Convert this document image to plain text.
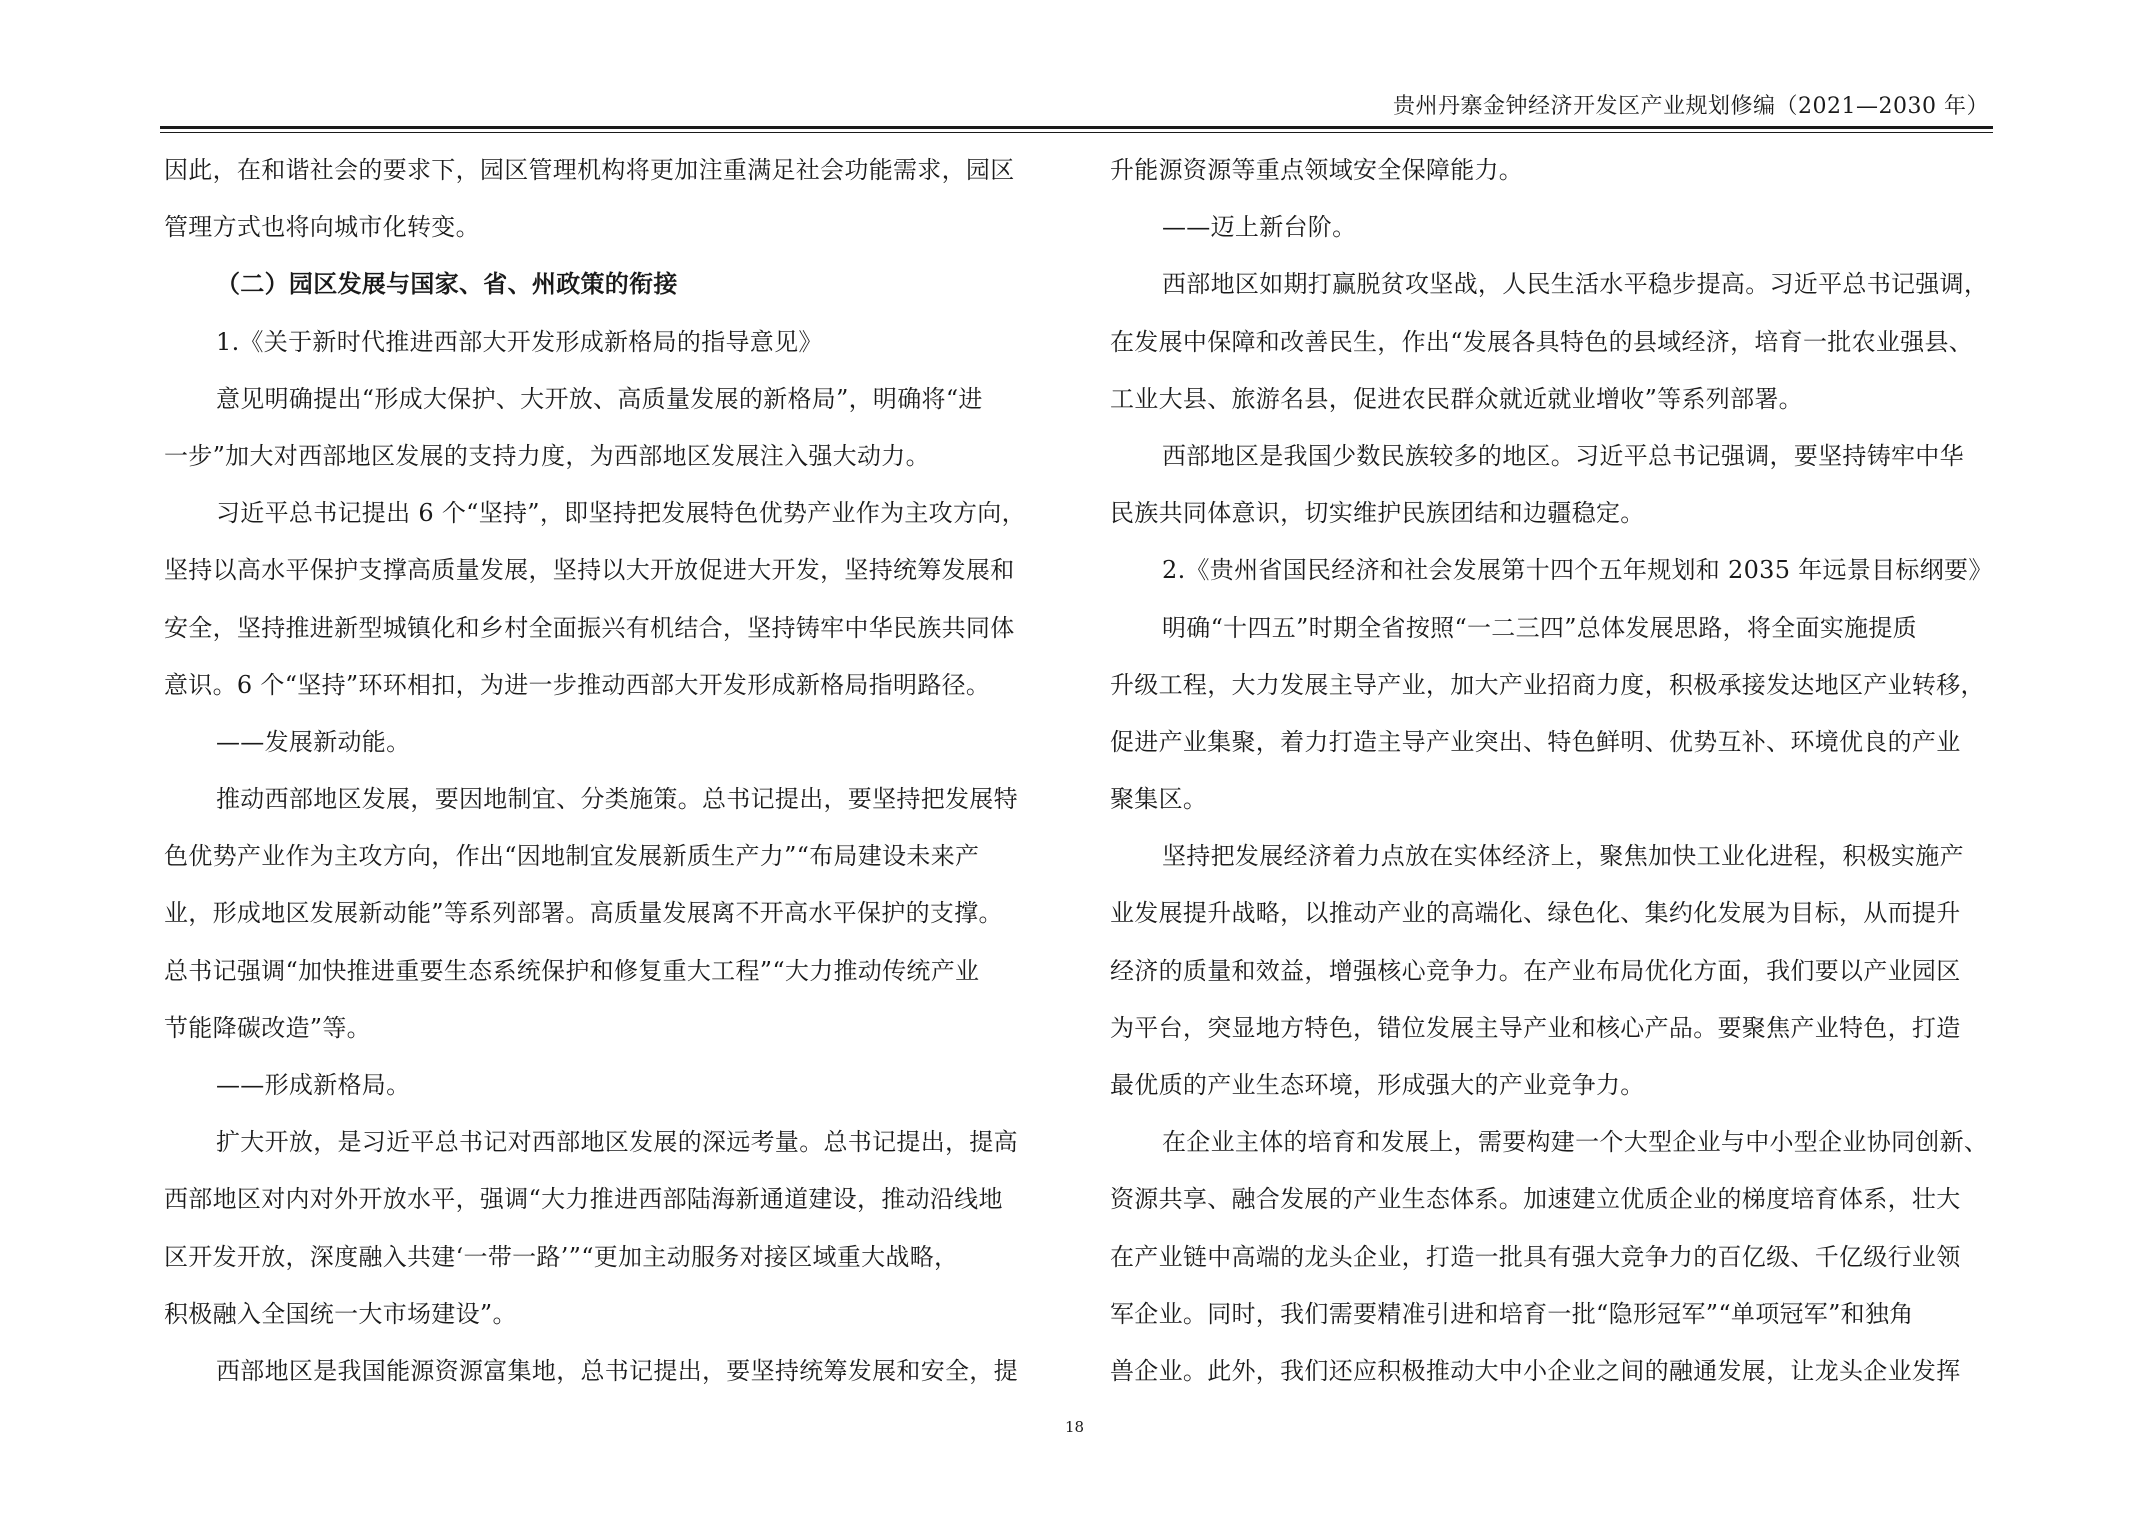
贵州丹寨金钟经济开发区产业规划修编（2021—2030 年）
因此，在和谐社会的要求下，园区管理机构将更加注重满足社会功能需求，园区
管理方式也将向城市化转变。
（二）园区发展与国家、省、州政策的衔接
1.《关于新时代推进西部大开发形成新格局的指导意见》
意见明确提出“形成大保护、大开放、高质量发展的新格局”，明确将“进
一步”加大对西部地区发展的支持力度，为西部地区发展注入强大动力。
习近平总书记提出 6 个“坚持”，即坚持把发展特色优势产业作为主攻方向，
坚持以高水平保护支撑高质量发展，坚持以大开放促进大开发，坚持统筹发展和
安全，坚持推进新型城镇化和乡村全面振兴有机结合，坚持铸牢中华民族共同体
意识。6 个“坚持”环环相扣，为进一步推动西部大开发形成新格局指明路径。
——发展新动能。
推动西部地区发展，要因地制宜、分类施策。总书记提出，要坚持把发展特
色优势产业作为主攻方向，作出“因地制宜发展新质生产力”“布局建设未来产
业，形成地区发展新动能”等系列部署。高质量发展离不开高水平保护的支撑。
总书记强调“加快推进重要生态系统保护和修复重大工程”“大力推动传统产业
节能降碳改造”等。
——形成新格局。
扩大开放，是习近平总书记对西部地区发展的深远考量。总书记提出，提高
西部地区对内对外开放水平，强调“大力推进西部陆海新通道建设，推动沿线地
区开发开放，深度融入共建‘一带一路’”“更加主动服务对接区域重大战略，
积极融入全国统一大市场建设”。
西部地区是我国能源资源富集地，总书记提出，要坚持统筹发展和安全，提
升能源资源等重点领域安全保障能力。
——迈上新台阶。
西部地区如期打赢脱贫攻坚战，人民生活水平稳步提高。习近平总书记强调，
在发展中保障和改善民生，作出“发展各具特色的县域经济，培育一批农业强县、
工业大县、旅游名县，促进农民群众就近就业增收”等系列部署。
西部地区是我国少数民族较多的地区。习近平总书记强调，要坚持铸牢中华
民族共同体意识，切实维护民族团结和边疆稳定。
2.《贵州省国民经济和社会发展第十四个五年规划和 2035 年远景目标纲要》
明确“十四五”时期全省按照“一二三四”总体发展思路，将全面实施提质
升级工程，大力发展主导产业，加大产业招商力度，积极承接发达地区产业转移，
促进产业集聚，着力打造主导产业突出、特色鲜明、优势互补、环境优良的产业
聚集区。
坚持把发展经济着力点放在实体经济上，聚焦加快工业化进程，积极实施产
业发展提升战略，以推动产业的高端化、绿色化、集约化发展为目标，从而提升
经济的质量和效益，增强核心竞争力。在产业布局优化方面，我们要以产业园区
为平台，突显地方特色，错位发展主导产业和核心产品。要聚焦产业特色，打造
最优质的产业生态环境，形成强大的产业竞争力。
在企业主体的培育和发展上，需要构建一个大型企业与中小型企业协同创新、
资源共享、融合发展的产业生态体系。加速建立优质企业的梯度培育体系，壮大
在产业链中高端的龙头企业，打造一批具有强大竞争力的百亿级、千亿级行业领
军企业。同时，我们需要精准引进和培育一批“隐形冠军”“单项冠军”和独角
兽企业。此外，我们还应积极推动大中小企业之间的融通发展，让龙头企业发挥
18
